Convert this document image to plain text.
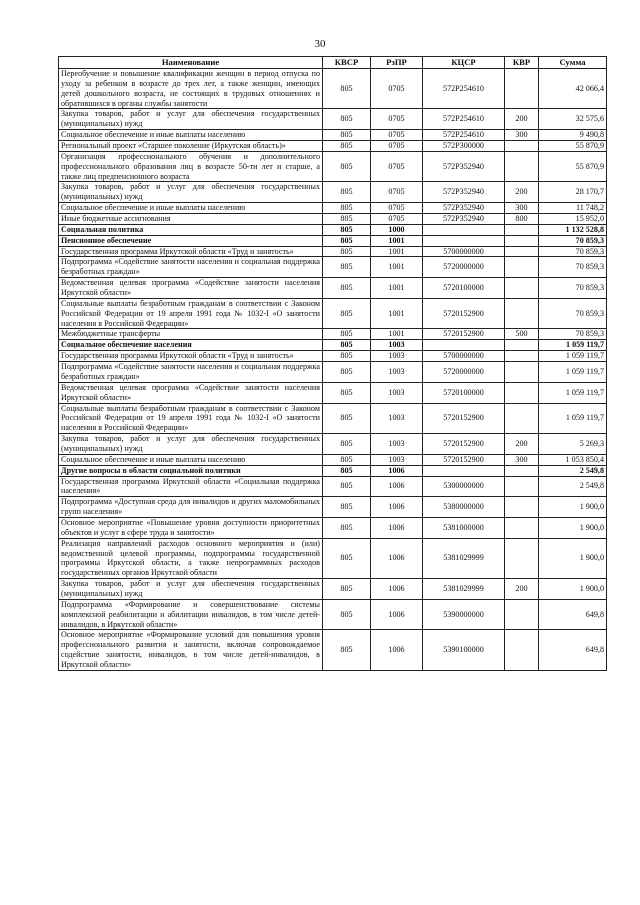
30
Наименование	КВСР	РзПР	КЦСР	КВР	Сумма
Переобучение и повышение квалификации женщин в период отпуска по уходу за ребенком в возрасте до трех лет, а также женщин, имеющих детей дошкольного возраста, не состоящих в трудовых отношениях и обратившихся в органы службы занятости	805	0705	572P254610		42 066,4
Закупка товаров, работ и услуг для обеспечения государственных (муниципальных) нужд	805	0705	572P254610	200	32 575,6
Социальное обеспечение и иные выплаты населению	805	0705	572P254610	300	9 490,8
Региональный проект «Старшее поколение (Иркутская область)»	805	0705	572P300000		55 870,9
Организация профессионального обучения и дополнительного профессионального образования лиц в возрасте 50-ти лет и старше, а также лиц предпенсионного возраста	805	0705	572P352940		55 870,9
Закупка товаров, работ и услуг для обеспечения государственных (муниципальных) нужд	805	0705	572P352940	200	28 170,7
Социальное обеспечение и иные выплаты населению	805	0705	572P352940	300	11 748,2
Иные бюджетные ассигнования	805	0705	572P352940	800	15 952,0
Социальная политика	805	1000			1 132 528,8
Пенсионное обеспечение	805	1001			70 859,3
Государственная программа Иркутской области «Труд и занятость»	805	1001	5700000000		70 859,3
Подпрограмма «Содействие занятости населения и социальная поддержка безработных граждан»	805	1001	5720000000		70 859,3
Ведомственная целевая программа «Содействие занятости населения Иркутской области»	805	1001	5720100000		70 859,3
Социальные выплаты безработным гражданам в соответствии с Законом Российской Федерации от 19 апреля 1991 года № 1032-I «О занятости населения в Российской Федерации»	805	1001	5720152900		70 859,3
Межбюджетные трансферты	805	1001	5720152900	500	70 859,3
Социальное обеспечение населения	805	1003			1 059 119,7
Государственная программа Иркутской области «Труд и занятость»	805	1003	5700000000		1 059 119,7
Подпрограмма «Содействие занятости населения и социальная поддержка безработных граждан»	805	1003	5720000000		1 059 119,7
Ведомственная целевая программа «Содействие занятости населения Иркутской области»	805	1003	5720100000		1 059 119,7
Социальные выплаты безработным гражданам в соответствии с Законом Российской Федерации от 19 апреля 1991 года № 1032-I «О занятости населения в Российской Федерации»	805	1003	5720152900		1 059 119,7
Закупка товаров, работ и услуг для обеспечения государственных (муниципальных) нужд	805	1003	5720152900	200	5 269,3
Социальное обеспечение и иные выплаты населению	805	1003	5720152900	300	1 053 850,4
Другие вопросы в области социальной политики	805	1006			2 549,8
Государственная программа Иркутской области «Социальная поддержка населения»	805	1006	5300000000		2 549,8
Подпрограмма «Доступная среда для инвалидов и других маломобильных групп населения»	805	1006	5380000000		1 900,0
Основное мероприятие «Повышение уровня доступности приоритетных объектов и услуг в сфере труда и занятости»	805	1006	5381000000		1 900,0
Реализация направлений расходов основного мероприятия и (или) ведомственной целевой программы, подпрограммы государственной программы Иркутской области, а также непрограммных расходов государственных органов Иркутской области	805	1006	5381029999		1 900,0
Закупка товаров, работ и услуг для обеспечения государственных (муниципальных) нужд	805	1006	5381029999	200	1 900,0
Подпрограмма «Формирование и совершенствование системы комплексной реабилитации и абилитации инвалидов, в том числе детей-инвалидов, в Иркутской области»	805	1006	5390000000		649,8
Основное мероприятие «Формирование условий для повышения уровня профессионального развития и занятости, включая сопровождаемое содействие занятости, инвалидов, в том числе детей-инвалидов, в Иркутской области»	805	1006	5390100000		649,8
